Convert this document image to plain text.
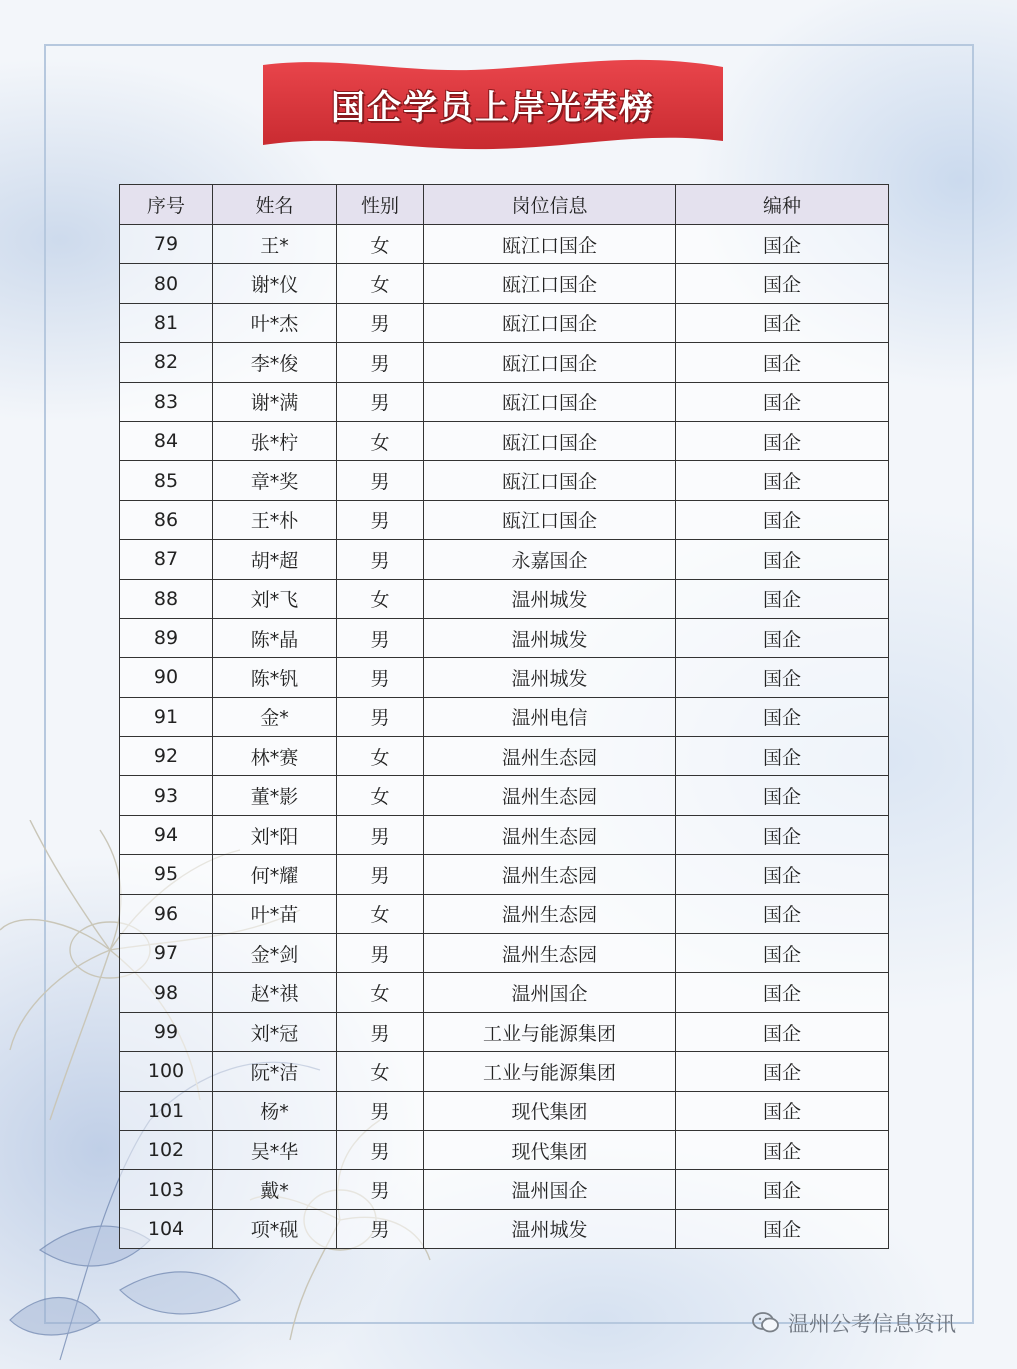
国企学员上岸光荣榜
序号	姓名	性别	岗位信息	编种
79	王*	女	瓯江口国企	国企
80	谢*仪	女	瓯江口国企	国企
81	叶*杰	男	瓯江口国企	国企
82	李*俊	男	瓯江口国企	国企
83	谢*满	男	瓯江口国企	国企
84	张*柠	女	瓯江口国企	国企
85	章*奖	男	瓯江口国企	国企
86	王*朴	男	瓯江口国企	国企
87	胡*超	男	永嘉国企	国企
88	刘*飞	女	温州城发	国企
89	陈*晶	男	温州城发	国企
90	陈*钒	男	温州城发	国企
91	金*	男	温州电信	国企
92	林*赛	女	温州生态园	国企
93	董*影	女	温州生态园	国企
94	刘*阳	男	温州生态园	国企
95	何*耀	男	温州生态园	国企
96	叶*苗	女	温州生态园	国企
97	金*剑	男	温州生态园	国企
98	赵*祺	女	温州国企	国企
99	刘*冠	男	工业与能源集团	国企
100	阮*洁	女	工业与能源集团	国企
101	杨*	男	现代集团	国企
102	吴*华	男	现代集团	国企
103	戴*	男	温州国企	国企
104	项*砚	男	温州城发	国企
温州公考信息资讯
